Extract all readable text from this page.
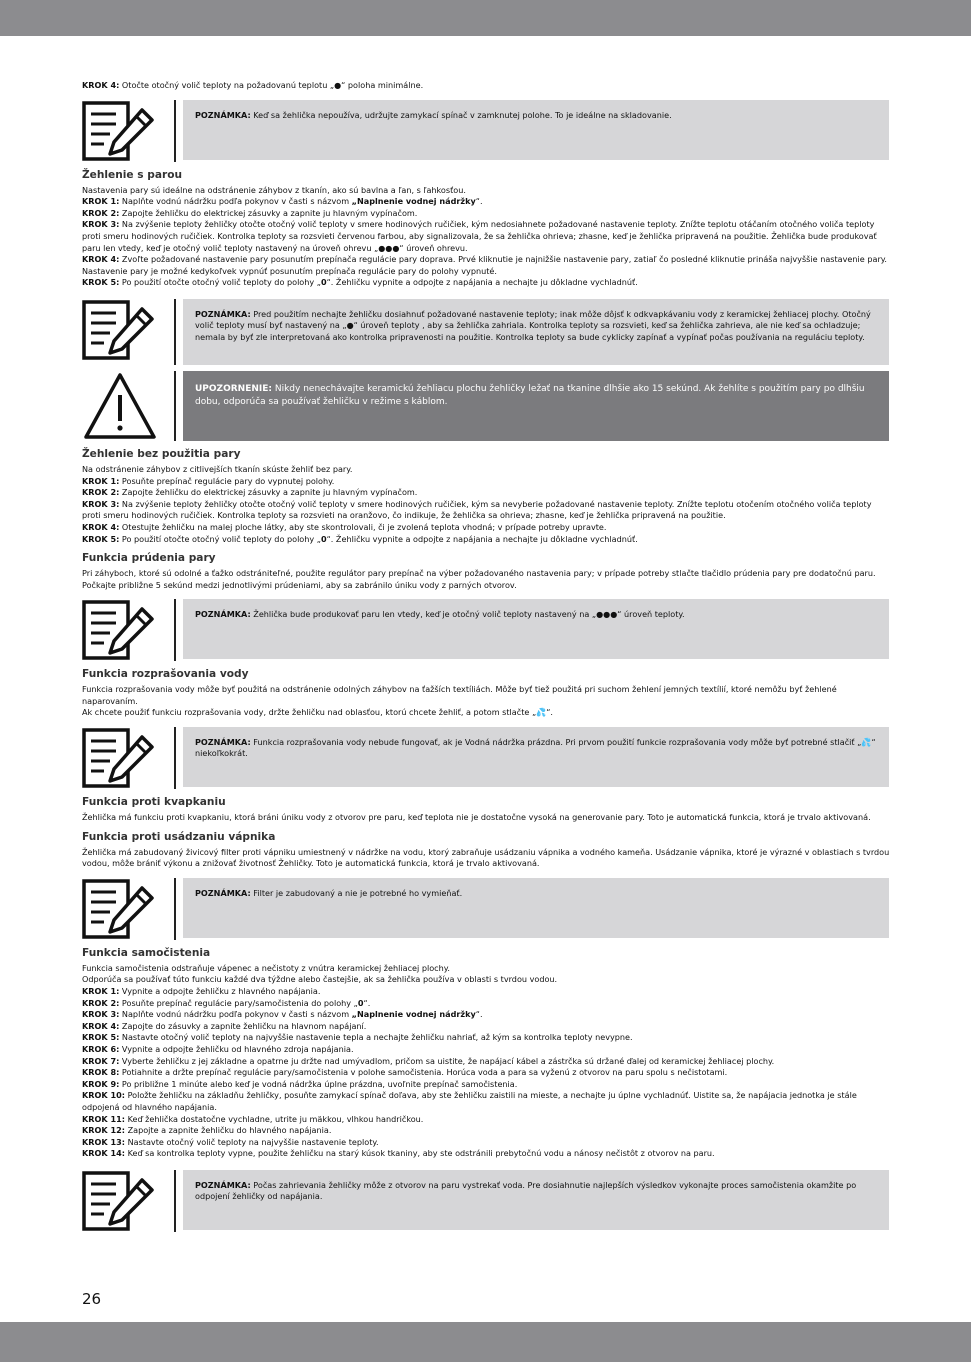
KROK 4: Otočte otočný volič teploty na požadovanú teplotu „●“ poloha minimálne.

POZNÁMKA: Keď sa žehlička nepoužíva, udržujte zamykací spínač v zamknutej polohe. To je ideálne na skladovanie.
Žehlenie s parou

Nastavenia pary sú ideálne na odstránenie záhybov z tkanín, ako sú bavlna a ľan, s ľahkosťou.

KROK 1: Naplňte vodnú nádržku podľa pokynov v časti s názvom „Naplnenie vodnej nádržky“.

KROK 2: Zapojte žehličku do elektrickej zásuvky a zapnite ju hlavným vypínačom.

KROK 3: Na zvýšenie teploty žehličky otočte otočný volič teploty v smere hodinových ručičiek, kým nedosiahnete požadované nastavenie teploty. Znížte teplotu otáčaním otočného voliča teploty proti smeru hodinových ručičiek. Kontrolka teploty sa rozsvieti červenou farbou, aby signalizovala, že sa žehlička ohrieva; zhasne, keď je žehlička pripravená na použitie. Žehlička bude produkovať paru len vtedy, keď je otočný volič teploty nastavený na úroveň ohrevu „●●●“ úroveň ohrevu.

KROK 4: Zvoľte požadované nastavenie pary posunutím prepínača regulácie pary doprava. Prvé kliknutie je najnižšie nastavenie pary, zatiaľ čo posledné kliknutie prináša najvyššie nastavenie pary. Nastavenie pary je možné kedykoľvek vypnúť posunutím prepínača regulácie pary do polohy vypnuté.

KROK 5: Po použití otočte otočný volič teploty do polohy „0“. Žehličku vypnite a odpojte z napájania a nechajte ju dôkladne vychladnúť.

POZNÁMKA: Pred použitím nechajte žehličku dosiahnuť požadované nastavenie teploty; inak môže dôjsť k odkvapkávaniu vody z keramickej žehliacej plochy. Otočný volič teploty musí byť nastavený na „●“ úroveň teploty , aby sa žehlička zahriala. Kontrolka teploty sa rozsvieti, keď sa žehlička zahrieva, ale nie keď sa ochladzuje; nemala by byť zle interpretovaná ako kontrolka pripravenosti na použitie. Kontrolka teploty sa bude cyklicky zapínať a vypínať počas používania na reguláciu teploty.
UPOZORNENIE: Nikdy nenechávajte keramickú žehliacu plochu žehličky ležať na tkanine dlhšie ako 15 sekúnd. Ak žehlíte s použitím pary po dlhšiu dobu, odporúča sa používať žehličku v režime s káblom.
Žehlenie bez použitia pary

Na odstránenie záhybov z citlivejších tkanín skúste žehliť bez pary.

KROK 1: Posuňte prepínač regulácie pary do vypnutej polohy.

KROK 2: Zapojte žehličku do elektrickej zásuvky a zapnite ju hlavným vypínačom.

KROK 3: Na zvýšenie teploty žehličky otočte otočný volič teploty v smere hodinových ručičiek, kým sa nevyberie požadované nastavenie teploty. Znížte teplotu otočením otočného voliča teploty proti smeru hodinových ručičiek. Kontrolka teploty sa rozsvieti na oranžovo, čo indikuje, že žehlička sa ohrieva; zhasne, keď je žehlička pripravená na použitie.

KROK 4: Otestujte žehličku na malej ploche látky, aby ste skontrolovali, či je zvolená teplota vhodná; v prípade potreby upravte.

KROK 5: Po použití otočte otočný volič teploty do polohy „0“. Žehličku vypnite a odpojte z napájania a nechajte ju dôkladne vychladnúť.

Funkcia prúdenia pary

Pri záhyboch, ktoré sú odolné a ťažko odstrániteľné, použite regulátor pary prepínač na výber požadovaného nastavenia pary; v prípade potreby stlačte tlačidlo prúdenia pary pre dodatočnú paru. Počkajte približne 5 sekúnd medzi jednotlivými prúdeniami, aby sa zabránilo úniku vody z parných otvorov.

POZNÁMKA: Žehlička bude produkovať paru len vtedy, keď je otočný volič teploty nastavený na „●●●“ úroveň teploty.
Funkcia rozprašovania vody

Funkcia rozprašovania vody môže byť použitá na odstránenie odolných záhybov na ťažších textíliách. Môže byť tiež použitá pri suchom žehlení jemných textílií, ktoré nemôžu byť žehlené naparovaním.

Ak chcete použiť funkciu rozprašovania vody, držte žehličku nad oblasťou, ktorú chcete žehliť, a potom stlačte „💦“.

POZNÁMKA: Funkcia rozprašovania vody nebude fungovať, ak je Vodná nádržka prázdna. Pri prvom použití funkcie rozprašovania vody môže byť potrebné stlačiť „💦“ niekoľkokrát.
Funkcia proti kvapkaniu

Žehlička má funkciu proti kvapkaniu, ktorá bráni úniku vody z otvorov pre paru, keď teplota nie je dostatočne vysoká na generovanie pary. Toto je automatická funkcia, ktorá je trvalo aktivovaná.

Funkcia proti usádzaniu vápnika

Žehlička má zabudovaný živicový filter proti vápniku umiestnený v nádržke na vodu, ktorý zabraňuje usádzaniu vápnika a vodného kameňa. Usádzanie vápnika, ktoré je výrazné v oblastiach s tvrdou vodou, môže brániť výkonu a znižovať životnosť Žehličky. Toto je automatická funkcia, ktorá je trvalo aktivovaná.

POZNÁMKA: Filter je zabudovaný a nie je potrebné ho vymieňať.
Funkcia samočistenia

Funkcia samočistenia odstraňuje vápenec a nečistoty z vnútra keramickej žehliacej plochy.

Odporúča sa používať túto funkciu každé dva týždne alebo častejšie, ak sa žehlička používa v oblasti s tvrdou vodou.

KROK 1: Vypnite a odpojte žehličku z hlavného napájania.

KROK 2: Posuňte prepínač regulácie pary/samočistenia do polohy „0“.

KROK 3: Naplňte vodnú nádržku podľa pokynov v časti s názvom „Naplnenie vodnej nádržky“.

KROK 4: Zapojte do zásuvky a zapnite žehličku na hlavnom napájaní.

KROK 5: Nastavte otočný volič teploty na najvyššie nastavenie tepla a nechajte žehličku nahriať, až kým sa kontrolka teploty nevypne.

KROK 6: Vypnite a odpojte žehličku od hlavného zdroja napájania.

KROK 7: Vyberte žehličku z jej základne a opatrne ju držte nad umývadlom, pričom sa uistite, že napájací kábel a zástrčka sú držané ďalej od keramickej žehliacej plochy.

KROK 8: Potiahnite a držte prepínač regulácie pary/samočistenia v polohe samočistenia. Horúca voda a para sa vyženú z otvorov na paru spolu s nečistotami.

KROK 9: Po približne 1 minúte alebo keď je vodná nádržka úplne prázdna, uvoľnite prepínač samočistenia.

KROK 10: Položte žehličku na základňu žehličky, posuňte zamykací spínač doľava, aby ste žehličku zaistili na mieste, a nechajte ju úplne vychladnúť. Uistite sa, že napájacia jednotka je stále odpojená od hlavného napájania.

KROK 11: Keď žehlička dostatočne vychladne, utrite ju mäkkou, vlhkou handričkou.

KROK 12: Zapojte a zapnite žehličku do hlavného napájania.

KROK 13: Nastavte otočný volič teploty na najvyššie nastavenie teploty.

KROK 14: Keď sa kontrolka teploty vypne, použite žehličku na starý kúsok tkaniny, aby ste odstránili prebytočnú vodu a nánosy nečistôt z otvorov na paru.

POZNÁMKA: Počas zahrievania žehličky môže z otvorov na paru vystrekať voda. Pre dosiahnutie najlepších výsledkov vykonajte proces samočistenia okamžite po odpojení žehličky od napájania.
26
